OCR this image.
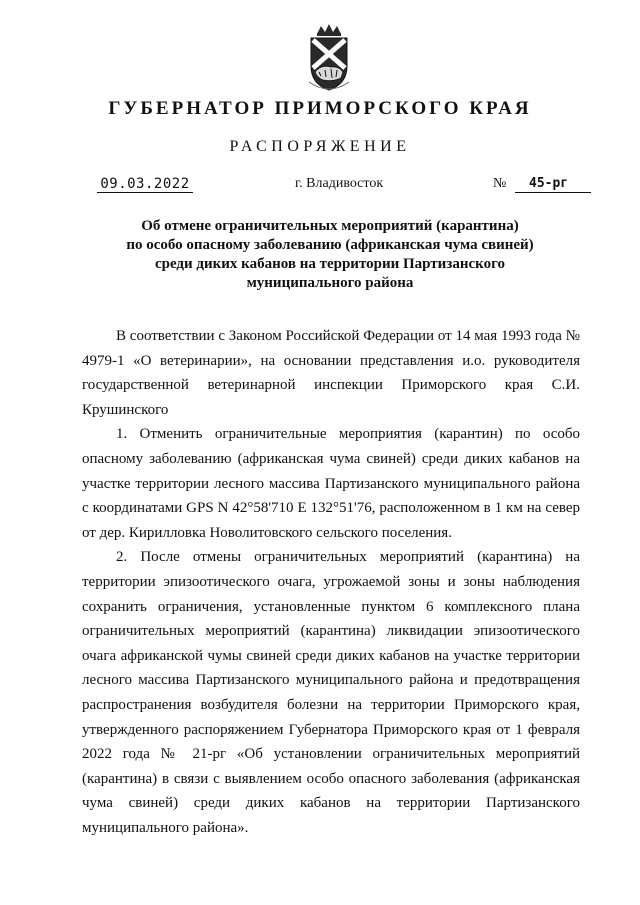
ГУБЕРНАТОР ПРИМОРСКОГО КРАЯ
РАСПОРЯЖЕНИЕ
09.03.2022	г. Владивосток	№	45-рг
Об отмене ограничительных мероприятий (карантина)
по особо опасному заболеванию (африканская чума свиней)
среди диких кабанов на территории Партизанского
муниципального района

В соответствии с Законом Российской Федерации от 14 мая 1993 года № 4979-1 «О ветеринарии», на основании представления и.о. руководителя государственной ветеринарной инспекции Приморского края С.И. Крушинского

1. Отменить ограничительные мероприятия (карантин) по особо опасному заболеванию (африканская чума свиней) среди диких кабанов на участке территории лесного массива Партизанского муниципального района с координатами GPS N 42°58'710 E 132°51'76, расположенном в 1 км на север от дер. Кирилловка Новолитовского сельского поселения.

2. После отмены ограничительных мероприятий (карантина) на территории эпизоотического очага, угрожаемой зоны и зоны наблюдения сохранить ограничения, установленные пунктом 6 комплексного плана ограничительных мероприятий (карантина) ликвидации эпизоотического очага африканской чумы свиней среди диких кабанов на участке территории лесного массива Партизанского муниципального района и предотвращения распространения возбудителя болезни на территории Приморского края, утвержденного распоряжением Губернатора Приморского края от 1 февраля 2022 года № 21-рг «Об установлении ограничительных мероприятий (карантина) в связи с выявлением особо опасного заболевания (африканская чума свиней) среди диких кабанов на территории Партизанского муниципального района».
